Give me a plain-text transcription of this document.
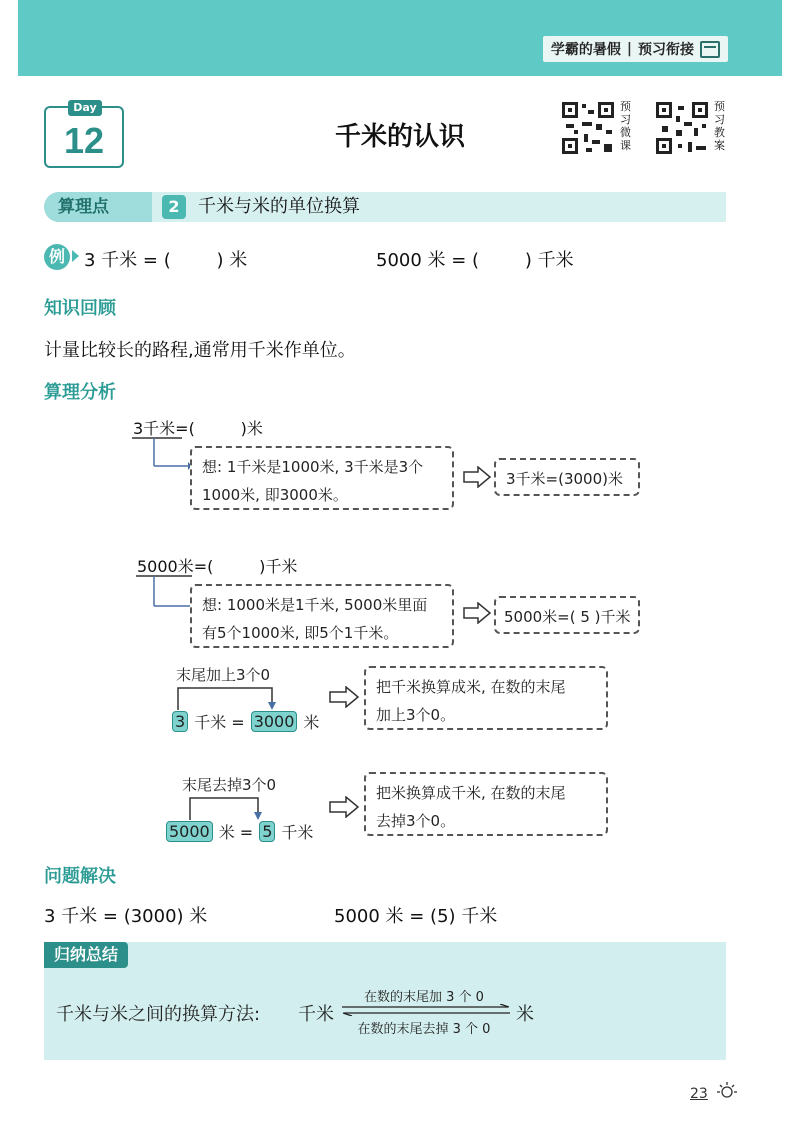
学霸的暑假 | 预习衔接
Day
12	千米的认识
预习微课
预习教案
算理点	2	千米与米的单位换算
例 3 千米 = (        ) 米	5000 米 = (        ) 千米
知识回顾
计量比较长的路程,通常用千米作单位。
算理分析
3千米=(         )米
想: 1千米是1000米, 3千米是3个
1000米, 即3000米。
3千米=(3000)米
5000米=(         )千米
想: 1000米是1千米, 5000米里面
有5个1000米, 即5个1千米。
5000米=( 5 )千米
末尾加上3个0
3 千米 = 3000 米
把千米换算成米, 在数的末尾
加上3个0。
末尾去掉3个0
5000 米 = 5 千米
把米换算成千米, 在数的末尾
去掉3个0。
问题解决
3 千米 = (3000) 米	5000 米 = (5) 千米
归纳总结
千米与米之间的换算方法: 千米
在数的末尾加 3 个 0
在数的末尾去掉 3 个 0
米
23
